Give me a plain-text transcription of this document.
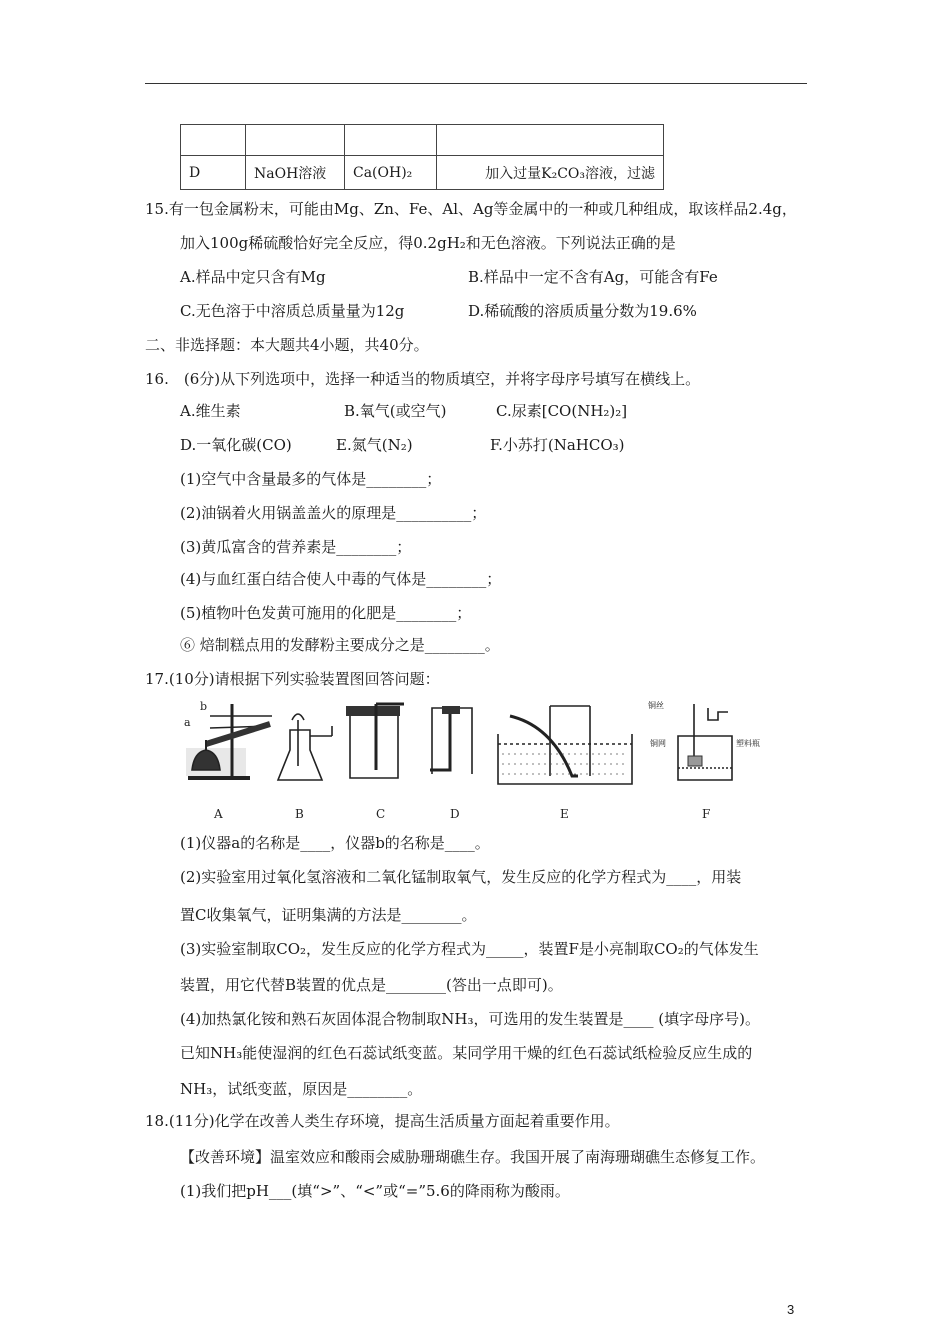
D	NaOH溶液	Ca(OH)₂	加入过量K₂CO₃溶液，过滤
15.有一包金属粉末，可能由Mg、Zn、Fe、Al、Ag等金属中的一种或几种组成，取该样品2.4g，
加入100g稀硫酸恰好完全反应，得0.2gH₂和无色溶液。下列说法正确的是
A.样品中定只含有Mg	B.样品中一定不含有Ag，可能含有Fe
C.无色溶于中溶质总质量量为12g	D.稀硫酸的溶质质量分数为19.6%
二、非选择题：本大题共4小题，共40分。
16.　(6分)从下列选项中，选择一种适当的物质填空，并将字母序号填写在横线上。
A.维生素	B.氧气(或空气)	C.尿素[CO(NH₂)₂]
D.一氧化碳(CO)	E.氮气(N₂)	F.小苏打(NaHCO₃)
(1)空气中含量最多的气体是________；
(2)油锅着火用锅盖盖火的原理是__________；
(3)黄瓜富含的营养素是________；
(4)与血红蛋白结合使人中毒的气体是________；
(5)植物叶色发黄可施用的化肥是________；
⑥ 焙制糕点用的发酵粉主要成分之是________。
17.(10分)请根据下列实验装置图回答问题：
a
b
A	B	C	D	E
铜丝
铜网	塑料瓶
F
(1)仪器a的名称是____，仪器b的名称是____。
(2)实验室用过氧化氢溶液和二氧化锰制取氧气，发生反应的化学方程式为____，用装
置C收集氧气，证明集满的方法是________。
(3)实验室制取CO₂，发生反应的化学方程式为_____，装置F是小亮制取CO₂的气体发生
装置，用它代替B装置的优点是________(答出一点即可)。
(4)加热氯化铵和熟石灰固体混合物制取NH₃，可选用的发生装置是____ (填字母序号)。
已知NH₃能使湿润的红色石蕊试纸变蓝。某同学用干燥的红色石蕊试纸检验反应生成的
NH₃，试纸变蓝，原因是________。
18.(11分)化学在改善人类生存环境，提高生活质量方面起着重要作用。
【改善环境】温室效应和酸雨会威胁珊瑚礁生存。我国开展了南海珊瑚礁生态修复工作。
(1)我们把pH___(填“>”、“<”或“=”5.6的降雨称为酸雨。
3
